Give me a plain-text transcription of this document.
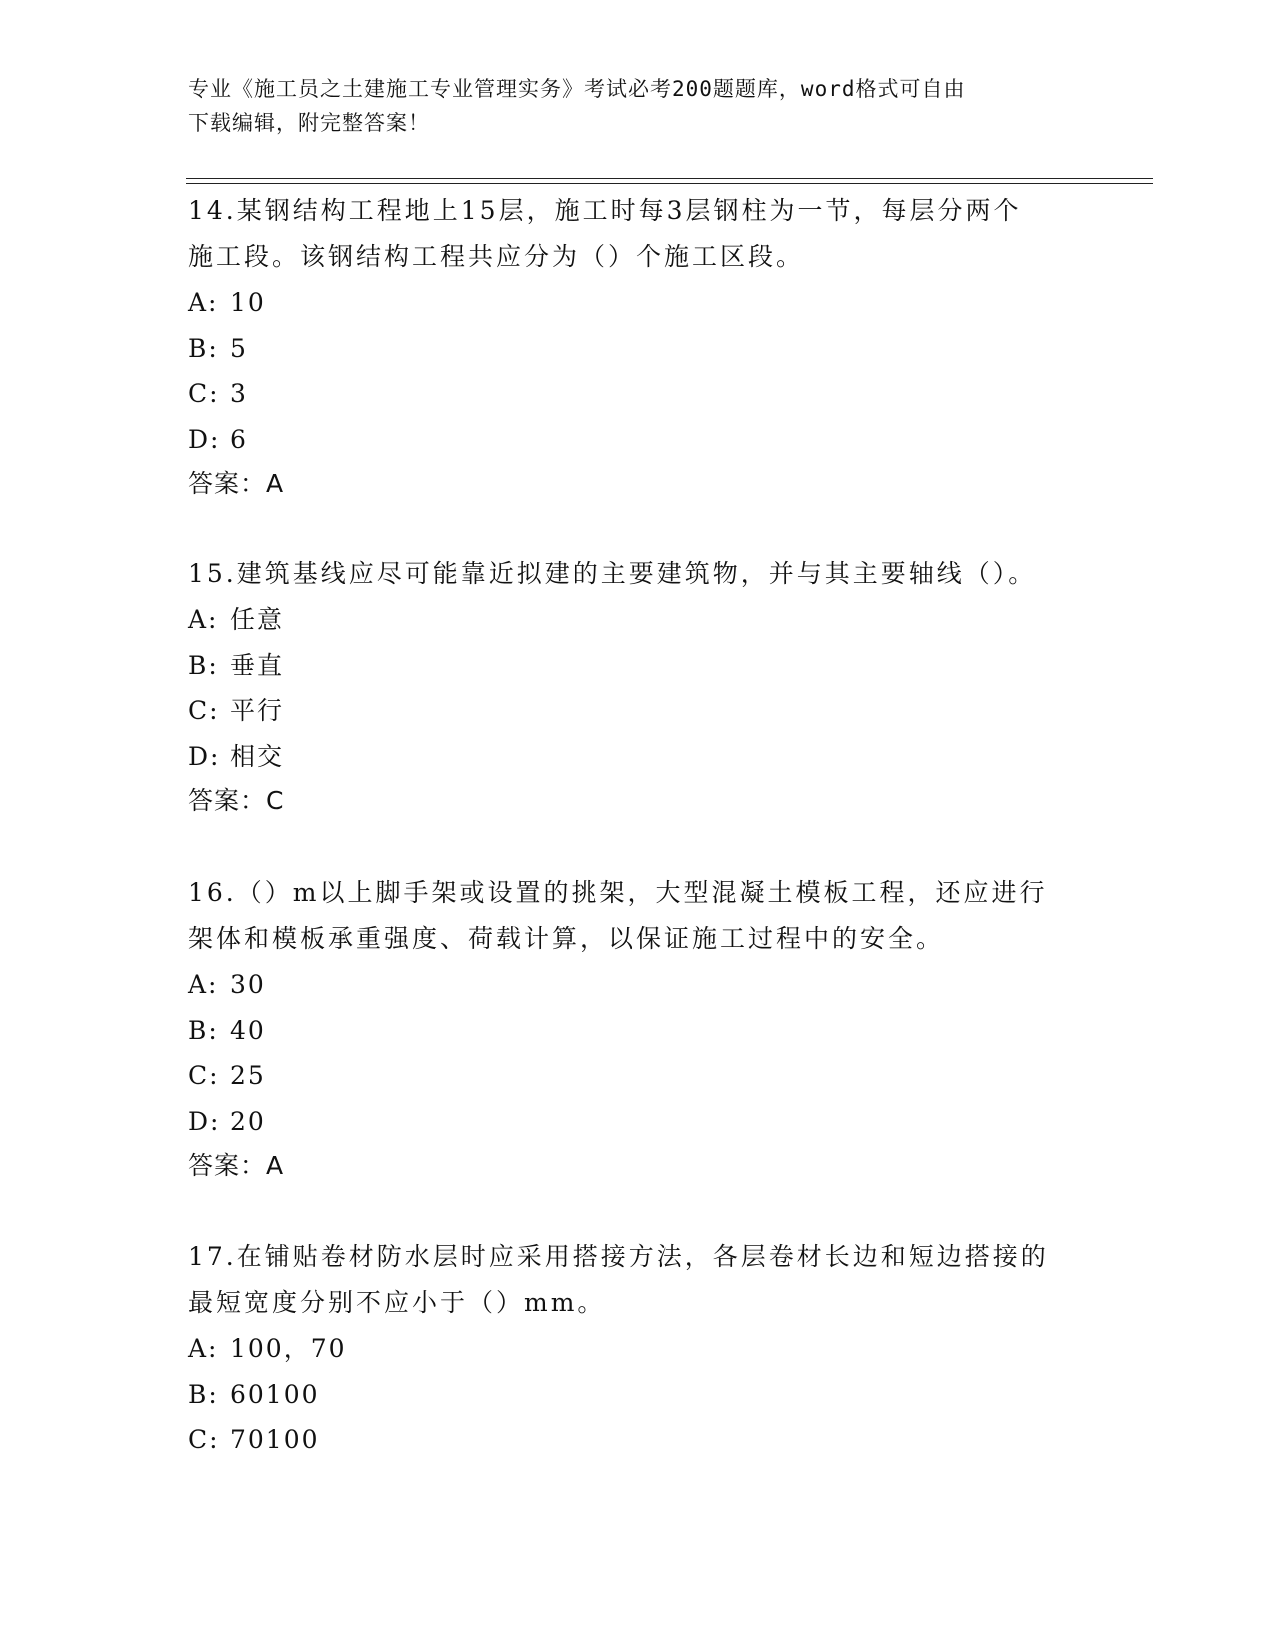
专业《施工员之土建施工专业管理实务》考试必考200题题库，word格式可自由
下载编辑，附完整答案！
14.某钢结构工程地上15层，施工时每3层钢柱为一节，每层分两个
施工段。该钢结构工程共应分为（）个施工区段。
A: 10
B: 5
C: 3
D: 6
答案：A
15.建筑基线应尽可能靠近拟建的主要建筑物，并与其主要轴线（）。
A: 任意
B: 垂直
C: 平行
D: 相交
答案：C
16.（）m以上脚手架或设置的挑架，大型混凝土模板工程，还应进行
架体和模板承重强度、荷载计算，以保证施工过程中的安全。
A: 30
B: 40
C: 25
D: 20
答案：A
17.在铺贴卷材防水层时应采用搭接方法，各层卷材长边和短边搭接的
最短宽度分别不应小于（）mm。
A: 100，70
B: 60100
C: 70100
